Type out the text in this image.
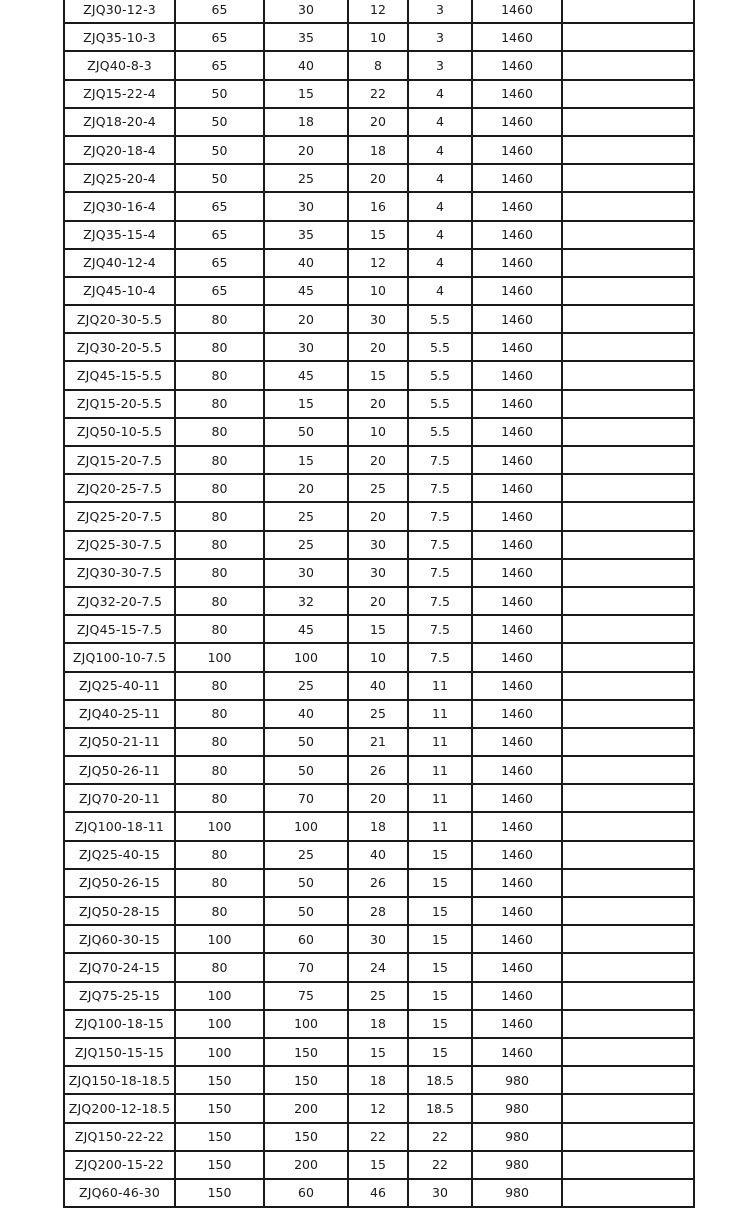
ZJQ30-12-3	65	30	12	3	1460	
ZJQ35-10-3	65	35	10	3	1460	
ZJQ40-8-3	65	40	8	3	1460	
ZJQ15-22-4	50	15	22	4	1460	
ZJQ18-20-4	50	18	20	4	1460	
ZJQ20-18-4	50	20	18	4	1460	
ZJQ25-20-4	50	25	20	4	1460	
ZJQ30-16-4	65	30	16	4	1460	
ZJQ35-15-4	65	35	15	4	1460	
ZJQ40-12-4	65	40	12	4	1460	
ZJQ45-10-4	65	45	10	4	1460	
ZJQ20-30-5.5	80	20	30	5.5	1460	
ZJQ30-20-5.5	80	30	20	5.5	1460	
ZJQ45-15-5.5	80	45	15	5.5	1460	
ZJQ15-20-5.5	80	15	20	5.5	1460	
ZJQ50-10-5.5	80	50	10	5.5	1460	
ZJQ15-20-7.5	80	15	20	7.5	1460	
ZJQ20-25-7.5	80	20	25	7.5	1460	
ZJQ25-20-7.5	80	25	20	7.5	1460	
ZJQ25-30-7.5	80	25	30	7.5	1460	
ZJQ30-30-7.5	80	30	30	7.5	1460	
ZJQ32-20-7.5	80	32	20	7.5	1460	
ZJQ45-15-7.5	80	45	15	7.5	1460	
ZJQ100-10-7.5	100	100	10	7.5	1460	
ZJQ25-40-11	80	25	40	11	1460	
ZJQ40-25-11	80	40	25	11	1460	
ZJQ50-21-11	80	50	21	11	1460	
ZJQ50-26-11	80	50	26	11	1460	
ZJQ70-20-11	80	70	20	11	1460	
ZJQ100-18-11	100	100	18	11	1460	
ZJQ25-40-15	80	25	40	15	1460	
ZJQ50-26-15	80	50	26	15	1460	
ZJQ50-28-15	80	50	28	15	1460	
ZJQ60-30-15	100	60	30	15	1460	
ZJQ70-24-15	80	70	24	15	1460	
ZJQ75-25-15	100	75	25	15	1460	
ZJQ100-18-15	100	100	18	15	1460	
ZJQ150-15-15	100	150	15	15	1460	
ZJQ150-18-18.5	150	150	18	18.5	980	
ZJQ200-12-18.5	150	200	12	18.5	980	
ZJQ150-22-22	150	150	22	22	980	
ZJQ200-15-22	150	200	15	22	980	
ZJQ60-46-30	150	60	46	30	980	
